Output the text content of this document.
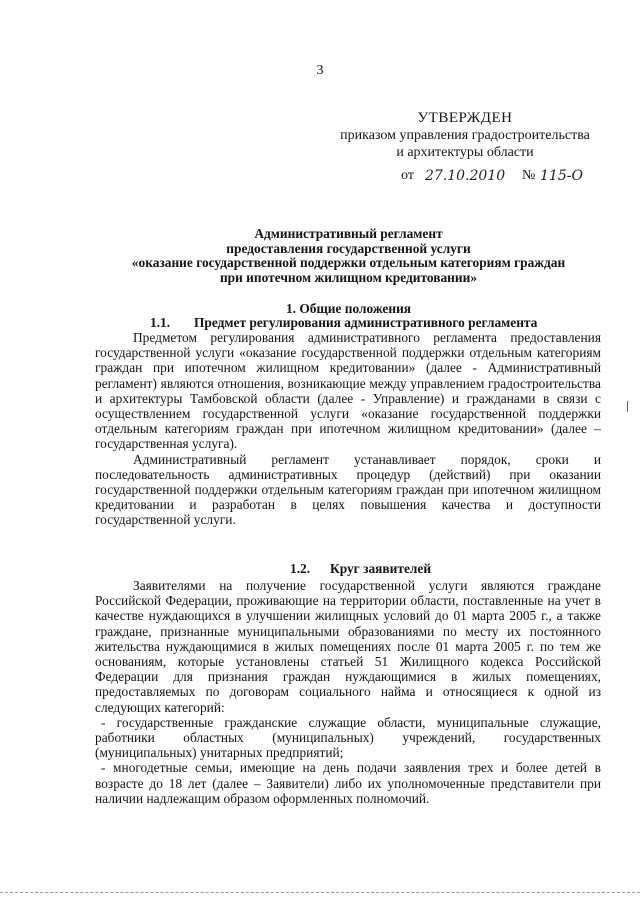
3
УТВЕРЖДЕН
приказом управления градостроительства
и архитектуры области
от 27.10.2010 № 115-О
Административный регламент
предоставления государственной услуги
«оказание государственной поддержки отдельным категориям граждан
при ипотечном жилищном кредитовании»
1. Общие положения
1.1. Предмет регулирования административного регламента

Предметом регулирования административного регламента предоставления государственной услуги «оказание государственной поддержки отдельным категориям граждан при ипотечном жилищном кредитовании» (далее - Административный регламент) являются отношения, возникающие между управлением градостроительства и архитектуры Тамбовской области (далее - Управление) и гражданами в связи с осуществлением государственной услуги «оказание государственной поддержки отдельным категориям граждан при ипотечном жилищном кредитовании» (далее – государственная услуга).

Административный регламент устанавливает порядок, сроки и последовательность административных процедур (действий) при оказании государственной поддержки отдельным категориям граждан при ипотечном жилищном кредитовании и разработан в целях повышения качества и доступности государственной услуги.

1.2. Круг заявителей

Заявителями на получение государственной услуги являются граждане Российской Федерации, проживающие на территории области, поставленные на учет в качестве нуждающихся в улучшении жилищных условий до 01 марта 2005 г., а также граждане, признанные муниципальными образованиями по месту их постоянного жительства нуждающимися в жилых помещениях после 01 марта 2005 г. по тем же основаниям, которые установлены статьей 51 Жилищного кодекса Российской Федерации для признания граждан нуждающимися в жилых помещениях, предоставляемых по договорам социального найма и относящиеся к одной из следующих категорий:

- государственные гражданские служащие области, муниципальные служащие, работники областных (муниципальных) учреждений, государственных (муниципальных) унитарных предприятий;

- многодетные семьи, имеющие на день подачи заявления трех и более детей в возрасте до 18 лет (далее – Заявители) либо их уполномоченные представители при наличии надлежащим образом оформленных полномочий.
